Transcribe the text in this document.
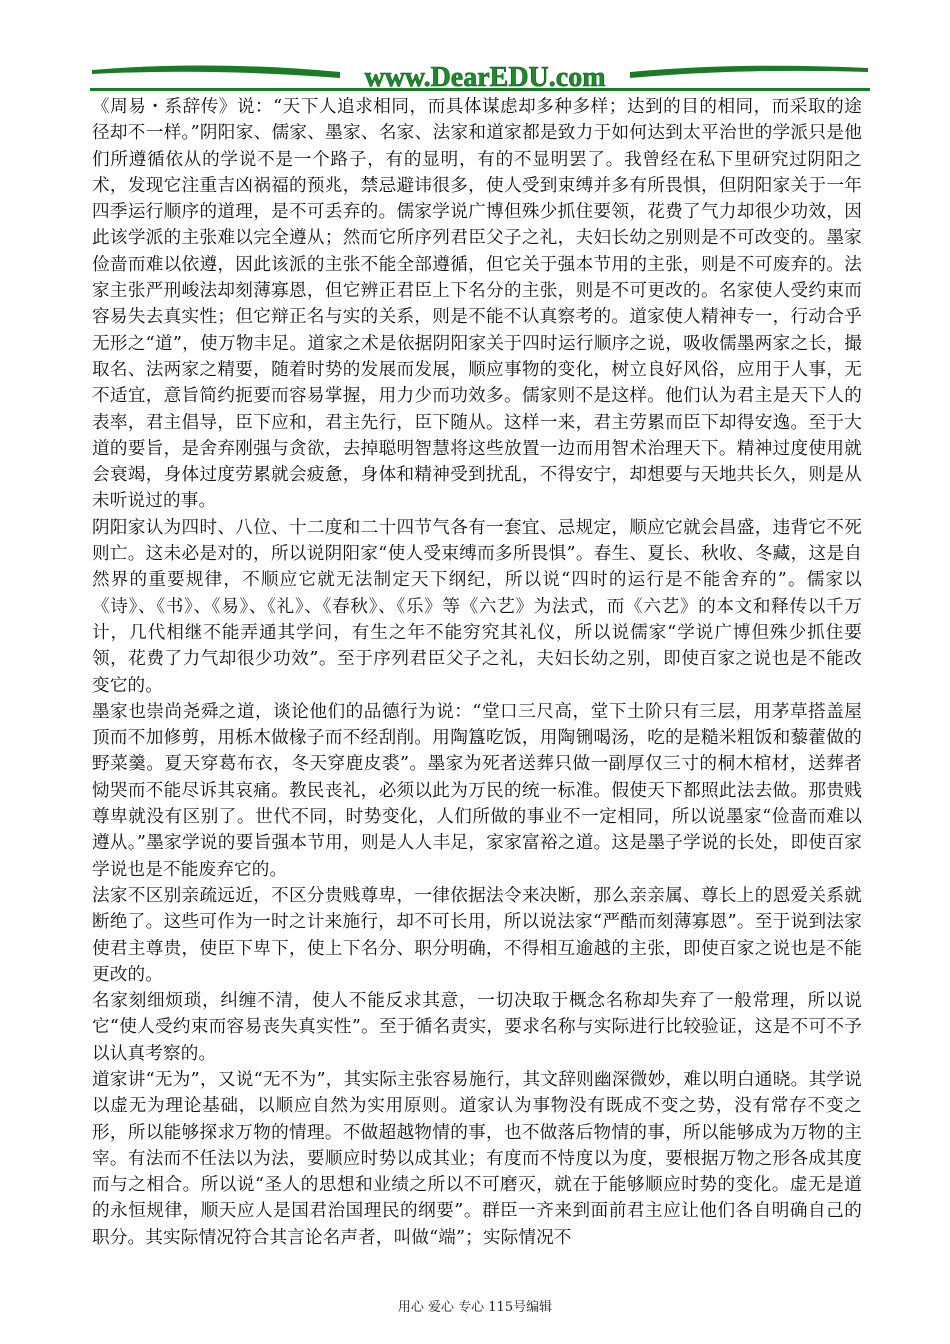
www.DearEDU.com

《周易・系辞传》说：“天下人追求相同，而具体谋虑却多种多样；达到的目的相同，而采取的途径却不一样。”阴阳家、儒家、墨家、名家、法家和道家都是致力于如何达到太平治世的学派只是他们所遵循依从的学说不是一个路子，有的显明，有的不显明罢了。我曾经在私下里研究过阴阳之术，发现它注重吉凶祸福的预兆，禁忌避讳很多，使人受到束缚并多有所畏惧，但阴阳家关于一年四季运行顺序的道理，是不可丢弃的。儒家学说广博但殊少抓住要领，花费了气力却很少功效，因此该学派的主张难以完全遵从；然而它所序列君臣父子之礼，夫妇长幼之别则是不可改变的。墨家俭啬而难以依遵，因此该派的主张不能全部遵循，但它关于强本节用的主张，则是不可废弃的。法家主张严刑峻法却刻薄寡恩，但它辨正君臣上下名分的主张，则是不可更改的。名家使人受约束而容易失去真实性；但它辩正名与实的关系，则是不能不认真察考的。道家使人精神专一，行动合乎无形之“道”，使万物丰足。道家之术是依据阴阳家关于四时运行顺序之说，吸收儒墨两家之长，撮取名、法两家之精要，随着时势的发展而发展，顺应事物的变化，树立良好风俗，应用于人事，无不适宜，意旨简约扼要而容易掌握，用力少而功效多。儒家则不是这样。他们认为君主是天下人的表率，君主倡导，臣下应和，君主先行，臣下随从。这样一来，君主劳累而臣下却得安逸。至于大道的要旨，是舍弃刚强与贪欲，去掉聪明智慧将这些放置一边而用智术治理天下。精神过度使用就会衰竭，身体过度劳累就会疲惫，身体和精神受到扰乱，不得安宁，却想要与天地共长久，则是从未听说过的事。

阴阳家认为四时、八位、十二度和二十四节气各有一套宜、忌规定，顺应它就会昌盛，违背它不死则亡。这未必是对的，所以说阴阳家“使人受束缚而多所畏惧”。春生、夏长、秋收、冬藏，这是自然界的重要规律，不顺应它就无法制定天下纲纪，所以说“四时的运行是不能舍弃的”。儒家以《诗》、《书》、《易》、《礼》、《春秋》、《乐》等《六艺》为法式，而《六艺》的本文和释传以千万计，几代相继不能弄通其学问，有生之年不能穷究其礼仪，所以说儒家“学说广博但殊少抓住要领，花费了力气却很少功效”。至于序列君臣父子之礼，夫妇长幼之别，即使百家之说也是不能改变它的。

墨家也崇尚尧舜之道，谈论他们的品德行为说：“堂口三尺高，堂下土阶只有三层，用茅草搭盖屋顶而不加修剪，用栎木做椽子而不经刮削。用陶簋吃饭，用陶铏喝汤，吃的是糙米粗饭和藜藿做的野菜羹。夏天穿葛布衣，冬天穿鹿皮裘”。墨家为死者送葬只做一副厚仅三寸的桐木棺材，送葬者恸哭而不能尽诉其哀痛。教民丧礼，必须以此为万民的统一标准。假使天下都照此法去做。那贵贱尊卑就没有区别了。世代不同，时势变化，人们所做的事业不一定相同，所以说墨家“俭啬而难以遵从。”墨家学说的要旨强本节用，则是人人丰足，家家富裕之道。这是墨子学说的长处，即使百家学说也是不能废弃它的。

法家不区别亲疏远近，不区分贵贱尊卑，一律依据法令来决断，那么亲亲属、尊长上的恩爱关系就断绝了。这些可作为一时之计来施行，却不可长用，所以说法家“严酷而刻薄寡恩”。至于说到法家使君主尊贵，使臣下卑下，使上下名分、职分明确，不得相互逾越的主张，即使百家之说也是不能更改的。

名家刻细烦琐，纠缠不清，使人不能反求其意，一切决取于概念名称却失弃了一般常理，所以说它“使人受约束而容易丧失真实性”。至于循名责实，要求名称与实际进行比较验证，这是不可不予以认真考察的。

道家讲“无为”，又说“无不为”，其实际主张容易施行，其文辞则幽深微妙，难以明白通晓。其学说以虚无为理论基础，以顺应自然为实用原则。道家认为事物没有既成不变之势，没有常存不变之形，所以能够探求万物的情理。不做超越物情的事，也不做落后物情的事，所以能够成为万物的主宰。有法而不任法以为法，要顺应时势以成其业；有度而不恃度以为度，要根据万物之形各成其度而与之相合。所以说“圣人的思想和业绩之所以不可磨灭，就在于能够顺应时势的变化。虚无是道的永恒规律，顺天应人是国君治国理民的纲要”。群臣一齐来到面前君主应让他们各自明确自己的职分。其实际情况符合其言论名声者，叫做“端”；实际情况不

用心 爱心 专心 115号编辑
